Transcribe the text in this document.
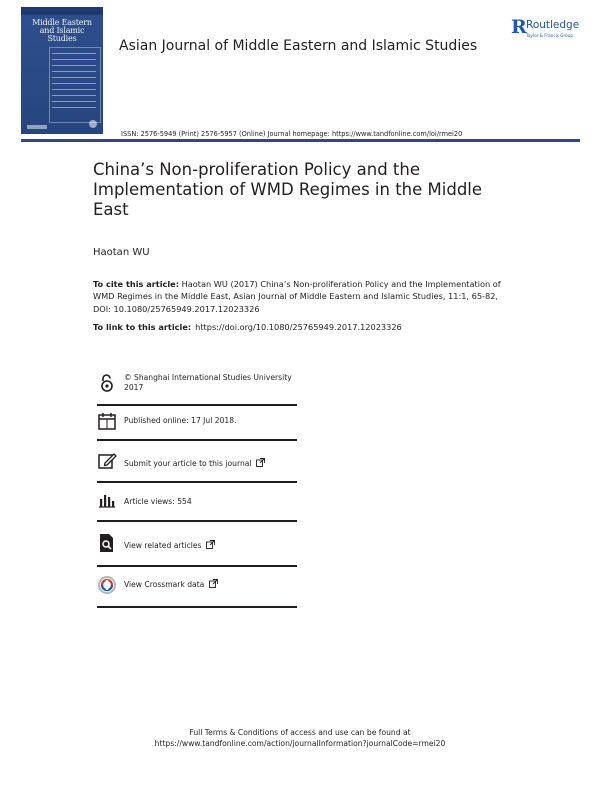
Middle Eastern and Islamic Studies	Asian Journal of Middle Eastern and Islamic Studies
R Routledge
Taylor & Francis Group
ISSN: 2576-5949 (Print) 2576-5957 (Online) Journal homepage: https://www.tandfonline.com/loi/rmei20
China’s Non-proliferation Policy and the Implementation of WMD Regimes in the Middle East
Haotan WU
To cite this article: Haotan WU (2017) China’s Non-proliferation Policy and the Implementation of WMD Regimes in the Middle East, Asian Journal of Middle Eastern and Islamic Studies, 11:1, 65-82, DOI: 10.1080/25765949.2017.12023326
To link to this article: https://doi.org/10.1080/25765949.2017.12023326
© Shanghai International Studies University 2017
Published online: 17 Jul 2018.
Submit your article to this journal
Article views: 554
View related articles
View Crossmark data
Full Terms & Conditions of access and use can be found at
https://www.tandfonline.com/action/journalInformation?journalCode=rmei20
